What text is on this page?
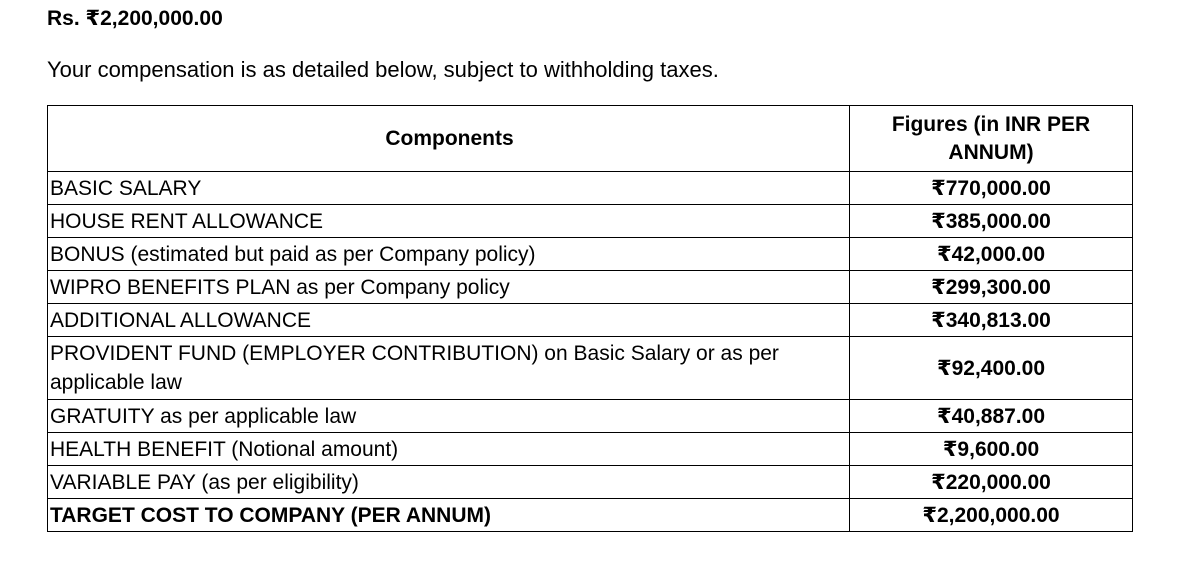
Rs. ₹2,200,000.00
Your compensation is as detailed below, subject to withholding taxes.
Components	Figures (in INR PER ANNUM)
BASIC SALARY	₹770,000.00
HOUSE RENT ALLOWANCE	₹385,000.00
BONUS (estimated but paid as per Company policy)	₹42,000.00
WIPRO BENEFITS PLAN as per Company policy	₹299,300.00
ADDITIONAL ALLOWANCE	₹340,813.00
PROVIDENT FUND (EMPLOYER CONTRIBUTION) on Basic Salary or as per applicable law	₹92,400.00
GRATUITY as per applicable law	₹40,887.00
HEALTH BENEFIT (Notional amount)	₹9,600.00
VARIABLE PAY (as per eligibility)	₹220,000.00
TARGET COST TO COMPANY (PER ANNUM)	₹2,200,000.00
